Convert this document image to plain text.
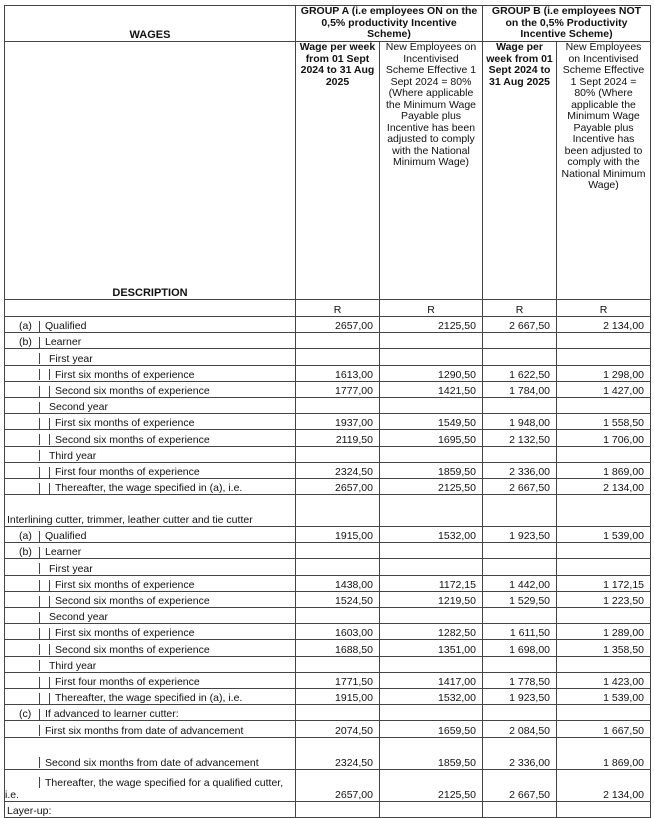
WAGES	GROUP A (i.e employees ON on the 0,5% productivity Incentive Scheme)		GROUP B (i.e employees NOT on the 0,5% Productivity Incentive Scheme)	
DESCRIPTION	Wage per week from 01 Sept 2024 to 31 Aug 2025	New Employees on Incentivised Scheme Effective 1 Sept 2024 = 80% (Where applicable the Minimum Wage Payable plus Incentive has been adjusted to comply with the National Minimum Wage)	Wage per week from 01 Sept 2024 to 31 Aug 2025	New Employees on Incentivised Scheme Effective 1 Sept 2024 = 80% (Where applicable the Minimum Wage Payable plus Incentive has been adjusted to comply with the National Minimum Wage)
	R	R	R	R
(a) Qualified	2657,00	2125,50	2 667,50	2 134,00
(b) Learner				
First year				
First six months of experience	1613,00	1290,50	1 622,50	1 298,00
Second six months of experience	1777,00	1421,50	1 784,00	1 427,00
Second year				
First six months of experience	1937,00	1549,50	1 948,00	1 558,50
Second six months of experience	2119,50	1695,50	2 132,50	1 706,00
Third year				
First four months of experience	2324,50	1859,50	2 336,00	1 869,00
Thereafter, the wage specified in (a), i.e.	2657,00	2125,50	2 667,50	2 134,00
Interlining cutter, trimmer, leather cutter and tie cutter				
(a) Qualified	1915,00	1532,00	1 923,50	1 539,00
(b) Learner				
First year				
First six months of experience	1438,00	1172,15	1 442,00	1 172,15
Second six months of experience	1524,50	1219,50	1 529,50	1 223,50
Second year				
First six months of experience	1603,00	1282,50	1 611,50	1 289,00
Second six months of experience	1688,50	1351,00	1 698,00	1 358,50
Third year				
First four months of experience	1771,50	1417,00	1 778,50	1 423,00
Thereafter, the wage specified in (a), i.e.	1915,00	1532,00	1 923,50	1 539,00
(c) If advanced to learner cutter:				
First six months from date of advancement	2074,50	1659,50	2 084,50	1 667,50
Second six months from date of advancement	2324,50	1859,50	2 336,00	1 869,00
Thereafter, the wage specified for a qualified cutter, i.e.	2657,00	2125,50	2 667,50	2 134,00
Layer-up:				
